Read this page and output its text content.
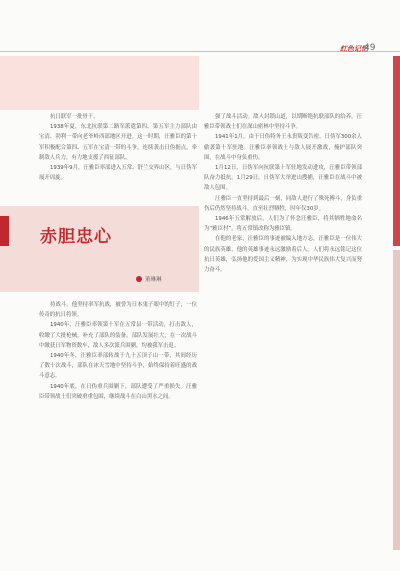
红色记忆
49

抗日联军一批骨干。

1938年夏，东北抗联第二路军派遣第四、第五军主力部队由宝清、勃利一带向老爷岭西部地区开进。这一时期，汪雅臣的第十军积极配合第四、五军在宝清一带的斗争，连续袭击日伪据点，牵制敌人兵力，有力地支援了西征部队。

1939年9月，汪雅臣率部进入五常、舒兰交界山区，与日伪军展开周旋。

赤胆忠心
董琳琳

持战斗。他坚持率军抗战，被誉为日本鬼子眼中的钉子，一位传奇的抗日将领。

1940年，汪雅臣率领第十军在五常县一带活动，打击敌人，收缴了大批枪械，补充了部队的装备。部队发展壮大，在一次战斗中缴获日军物资数车，敌人多次派兵围剿，均被我军击退。

1940年冬，汪雅臣率部转战于九十五顶子山一带，其间经历了数十次战斗，部队在冰天雪地中坚持斗争，始终保持着旺盛的战斗意志。

1940年底，在日伪重兵围剿下，部队遭受了严重损失。汪雅臣带领战士们突破重重包围，继续战斗在白山黑水之间。

强了战斗活动。敌人封锁山道，以期断绝抗联部队的给养，汪雅臣带领战士们在深山密林中坚持斗争。

1941年1月，由于日伪特务王永贵叛变告密，日伪军300余人偷袭第十军驻地。汪雅臣率领战士与敌人展开激战，掩护部队突围，在战斗中身负重伤。

1月12日，日伪军向抗联第十军驻地发动进攻，汪雅臣带领部队奋力抵抗。1月29日，日伪军大举进山搜捕，汪雅臣在战斗中被敌人包围。

汪雅臣一直坚持到最后一刻，同敌人进行了殊死搏斗，身负重伤后仍然坚持战斗，直至壮烈牺牲，时年仅30岁。

1946年五常解放后，人们为了怀念汪雅臣，将其牺牲地命名为“雅臣村”，将五常镇改称为雅臣镇。

在他的老家，汪雅臣的事迹被编入地方志，汪雅臣是一位伟大的民族英雄，他的英雄事迹永远激励着后人。人们将永远铭记这位抗日英雄，弘扬他的爱国主义精神，为实现中华民族伟大复兴而努力奋斗。
